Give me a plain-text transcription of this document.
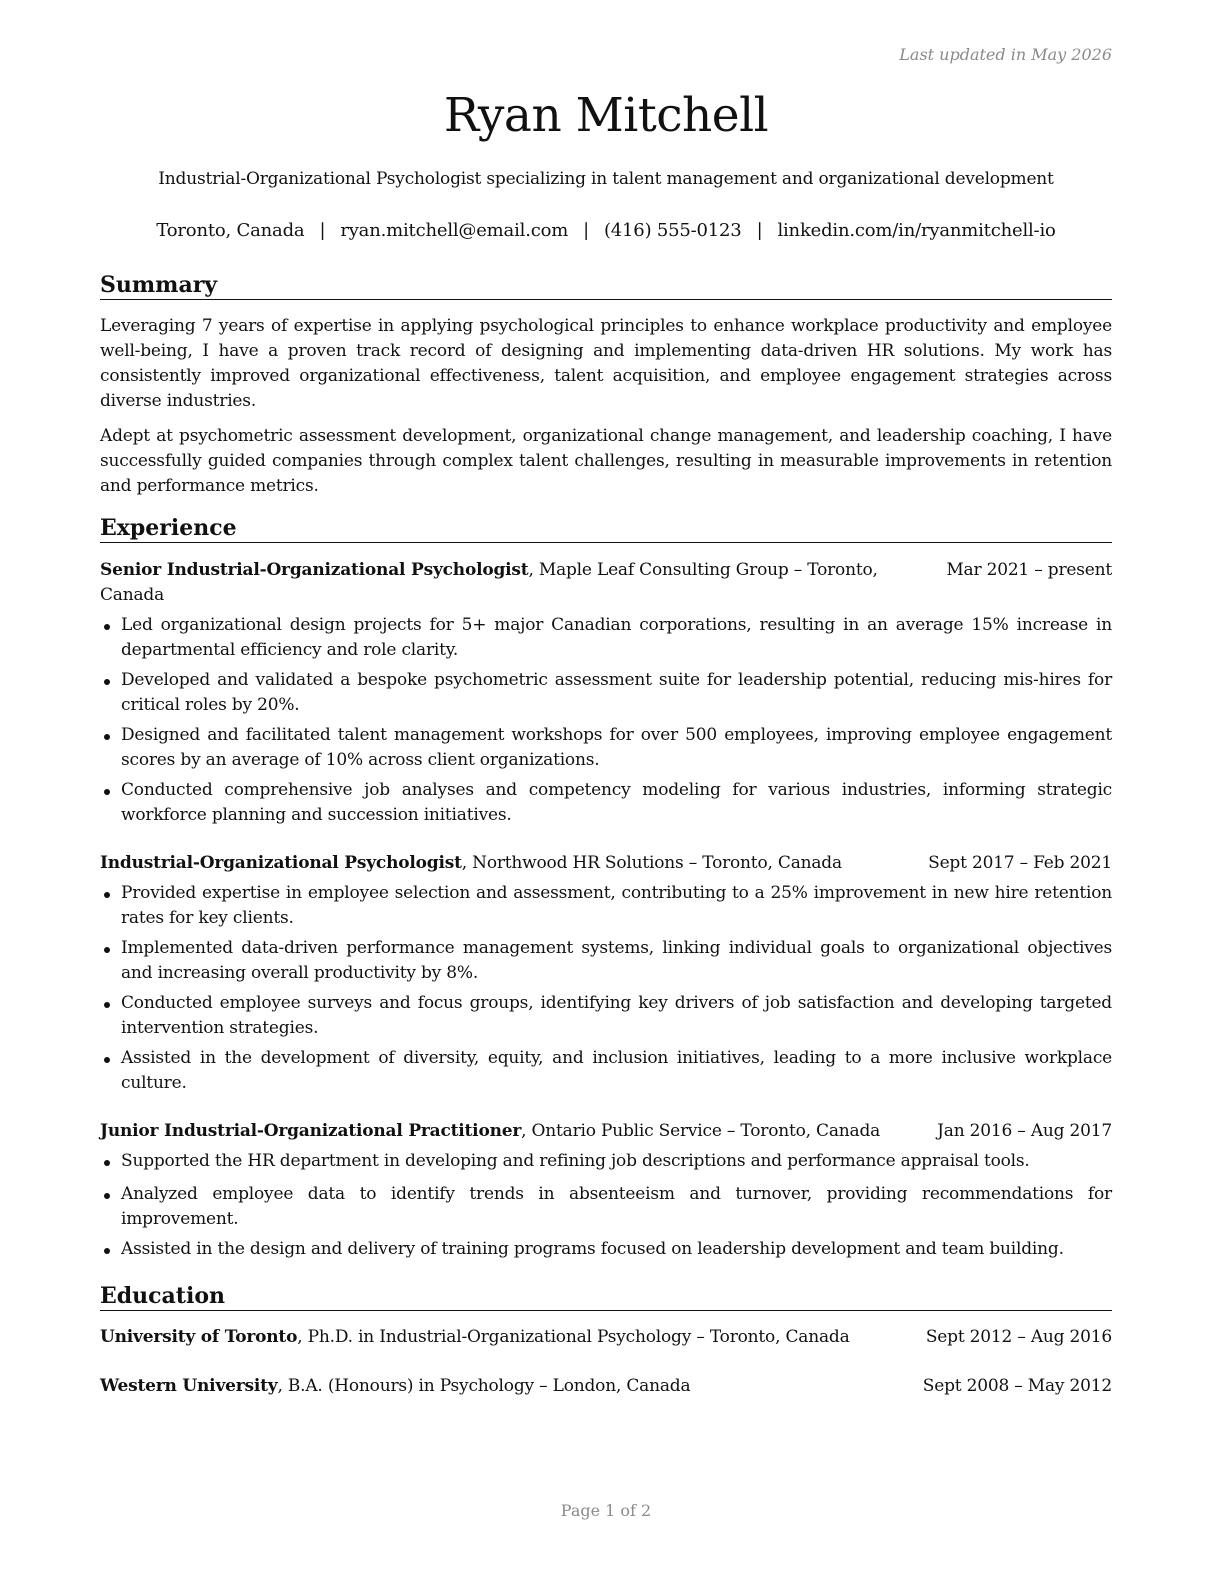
Last updated in May 2026
Ryan Mitchell
Industrial-Organizational Psychologist specializing in talent management and organizational development
Toronto, Canada | ryan.mitchell@email.com | (416) 555-0123 | linkedin.com/in/ryanmitchell-io
Summary

Leveraging 7 years of expertise in applying psychological principles to enhance workplace productivity and employee well-being, I have a proven track record of designing and implementing data-driven HR solutions. My work has consistently improved organizational effectiveness, talent acquisition, and employee engagement strategies across diverse industries.

Adept at psychometric assessment development, organizational change management, and leadership coaching, I have successfully guided companies through complex talent challenges, resulting in measurable improvements in retention and performance metrics.

Experience
Senior Industrial-Organizational Psychologist, Maple Leaf Consulting Group – Toronto, Canada
Mar 2021 – present
Led organizational design projects for 5+ major Canadian corporations, resulting in an average 15% increase in departmental efficiency and role clarity.
Developed and validated a bespoke psychometric assessment suite for leadership potential, reducing mis-hires for critical roles by 20%.
Designed and facilitated talent management workshops for over 500 employees, improving employee engagement scores by an average of 10% across client organizations.
Conducted comprehensive job analyses and competency modeling for various industries, informing strategic workforce planning and succession initiatives.
Industrial-Organizational Psychologist, Northwood HR Solutions – Toronto, Canada	Sept 2017 – Feb 2021
Provided expertise in employee selection and assessment, contributing to a 25% improvement in new hire retention rates for key clients.
Implemented data-driven performance management systems, linking individual goals to organizational objectives and increasing overall productivity by 8%.
Conducted employee surveys and focus groups, identifying key drivers of job satisfaction and developing targeted intervention strategies.
Assisted in the development of diversity, equity, and inclusion initiatives, leading to a more inclusive workplace culture.
Junior Industrial-Organizational Practitioner, Ontario Public Service – Toronto, Canada	Jan 2016 – Aug 2017
Supported the HR department in developing and refining job descriptions and performance appraisal tools.
Analyzed employee data to identify trends in absenteeism and turnover, providing recommendations for improvement.
Assisted in the design and delivery of training programs focused on leadership development and team building.
Education
University of Toronto, Ph.D. in Industrial-Organizational Psychology – Toronto, Canada	Sept 2012 – Aug 2016
Western University, B.A. (Honours) in Psychology – London, Canada	Sept 2008 – May 2012
Page 1 of 2
